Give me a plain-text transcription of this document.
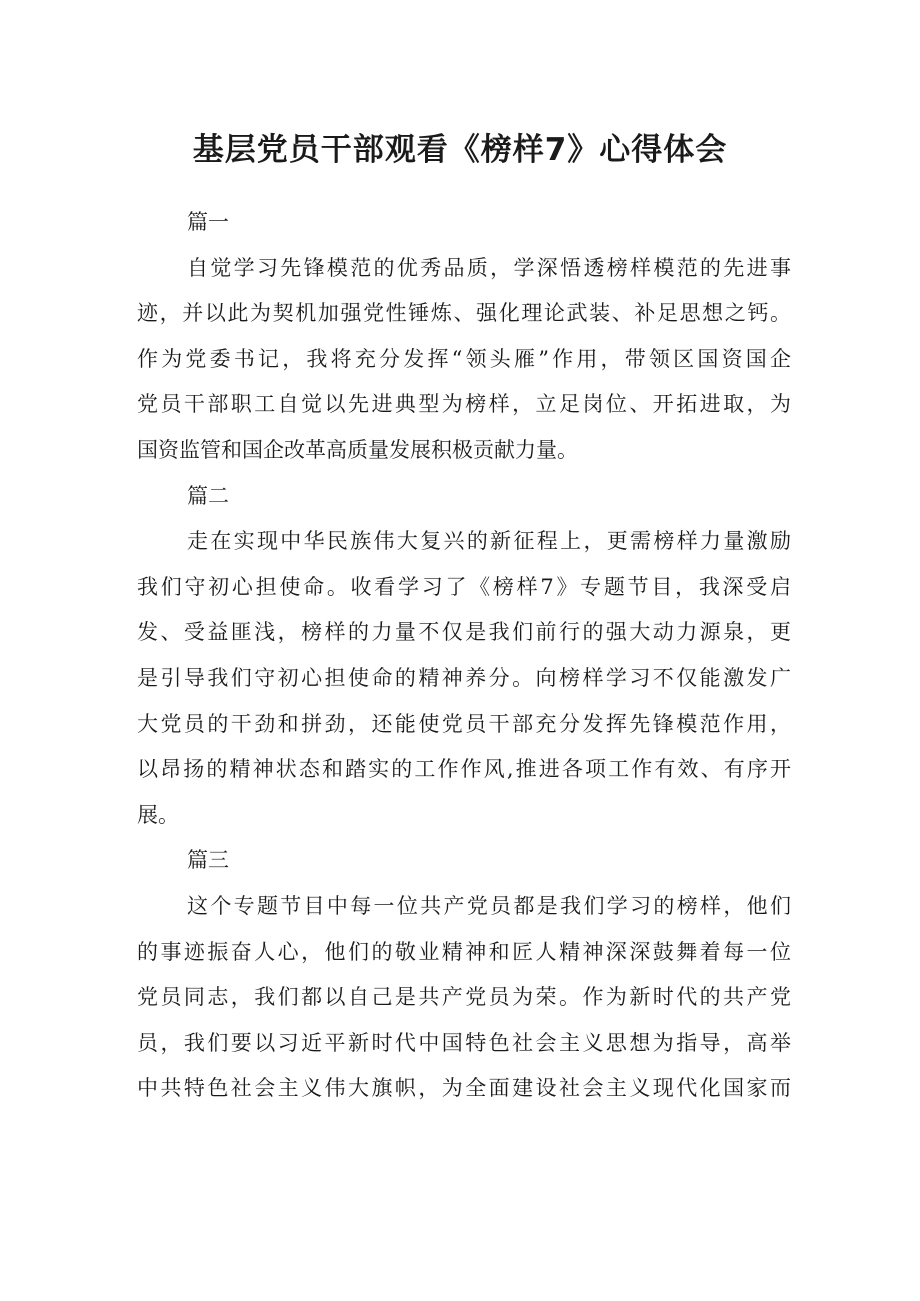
基层党员干部观看《榜样7》心得体会
篇一
自觉学习先锋模范的优秀品质，学深悟透榜样模范的先进事
迹，并以此为契机加强党性锤炼、强化理论武装、补足思想之钙。
作为党委书记，我将充分发挥“领头雁”作用，带领区国资国企
党员干部职工自觉以先进典型为榜样，立足岗位、开拓进取，为
国资监管和国企改革高质量发展积极贡献力量。
篇二
走在实现中华民族伟大复兴的新征程上，更需榜样力量激励
我们守初心担使命。收看学习了《榜样7》专题节目，我深受启
发、受益匪浅，榜样的力量不仅是我们前行的强大动力源泉，更
是引导我们守初心担使命的精神养分。向榜样学习不仅能激发广
大党员的干劲和拼劲，还能使党员干部充分发挥先锋模范作用，
以昂扬的精神状态和踏实的工作作风,推进各项工作有效、有序开
展。
篇三
这个专题节目中每一位共产党员都是我们学习的榜样，他们
的事迹振奋人心，他们的敬业精神和匠人精神深深鼓舞着每一位
党员同志，我们都以自己是共产党员为荣。作为新时代的共产党
员，我们要以习近平新时代中国特色社会主义思想为指导，高举
中共特色社会主义伟大旗帜，为全面建设社会主义现代化国家而
